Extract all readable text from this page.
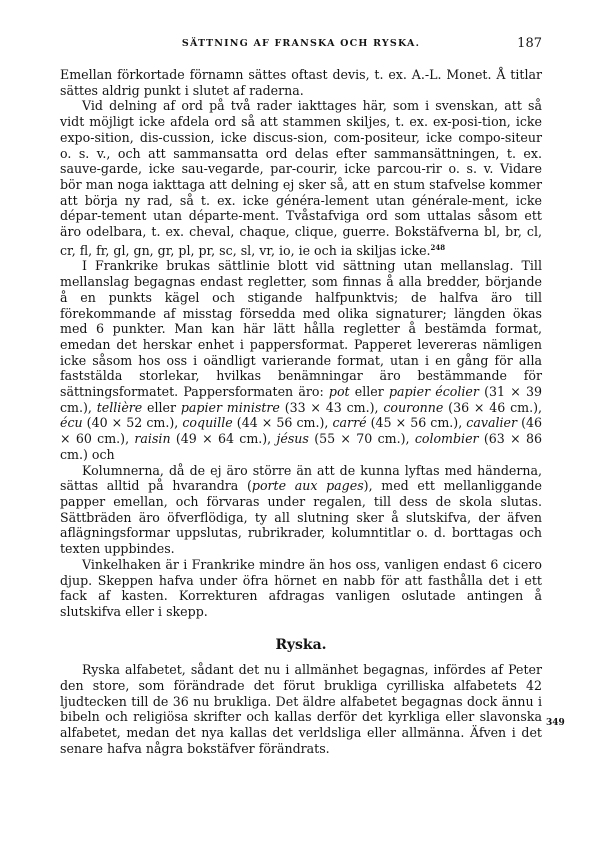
SÄTTNING AF FRANSKA OCH RYSKA.	187

Emellan förkortade förnamn sättes oftast devis, t. ex. A.-L. Monet. Å titlar sättes aldrig punkt i slutet af raderna.

Vid delning af ord på två rader iakttages här, som i svenskan, att så vidt möjligt icke afdela ord så att stammen skiljes, t. ex. ex-posi-tion, icke expo-sition, dis-cussion, icke discus-sion, com-positeur, icke compo-siteur o. s. v., och att sammansatta ord delas efter sammansättningen, t. ex. sauve-garde, icke sau-vegarde, par-courir, icke parcou-rir o. s. v. Vidare bör man noga iakttaga att delning ej sker så, att en stum stafvelse kommer att börja ny rad, så t. ex. icke généra-lement utan générale-ment, icke dépar-tement utan départe-ment. Tvåstafviga ord som uttalas såsom ett äro odelbara, t. ex. cheval, chaque, clique, guerre. Bokstäfverna bl, br, cl, cr, fl, fr, gl, gn, gr, pl, pr, sc, sl, vr, io, ie och ia skiljas icke.$^{248}$

I Frankrike brukas sättlinie blott vid sättning utan mellanslag. Till mellanslag begagnas endast regletter, som finnas å alla bredder, börjande å en punkts kägel och stigande halfpunktvis; de halfva äro till förekommande af misstag försedda med olika signaturer; längden ökas med 6 punkter. Man kan här lätt hålla regletter å bestämda format, emedan det herskar enhet i pappersformat. Papperet levereras nämligen icke såsom hos oss i oändligt varierande format, utan i en gång för alla faststälda storlekar, hvilkas benämningar äro bestämmande för sättningsformatet. Pappersformaten äro: pot eller papier écolier (31 × 39 cm.), tellière eller papier ministre (33 × 43 cm.), couronne (36 × 46 cm.), écu (40 × 52 cm.), coquille (44 × 56 cm.), carré (45 × 56 cm.), cavalier (46 × 60 cm.), raisin (49 × 64 cm.), jésus (55 × 70 cm.), colombier (63 × 86 cm.) och

Kolumnerna, då de ej äro större än att de kunna lyftas med händerna, sättas alltid på hvarandra (porte aux pages), med ett mellanliggande papper emellan, och förvaras under regalen, till dess de skola slutas. Sättbräden äro öfverflödiga, ty all slutning sker å slutskifva, der äfven aflägningsformar uppslutas, rubrikrader, kolumntitlar o. d. borttagas och texten uppbindes.

Vinkelhaken är i Frankrike mindre än hos oss, vanligen endast 6 cicero djup. Skeppen hafva under öfra hörnet en nabb för att fasthålla det i ett fack af kasten. Korrekturen afdragas vanligen oslutade antingen å slutskifva eller i skepp.

Ryska.

Ryska alfabetet, sådant det nu i allmänhet begagnas, infördes af Peter den store, som förändrade det förut brukliga cyrilliska alfabetets 42 ljudtecken till de 36 nu brukliga. Det äldre alfabetet begagnas dock ännu i bibeln och religiösa skrifter och kallas derför det kyrkliga eller slavonska alfabetet, medan det nya kallas det verldsliga eller allmänna. Äfven i det senare hafva några bokstäfver förändrats.

349
